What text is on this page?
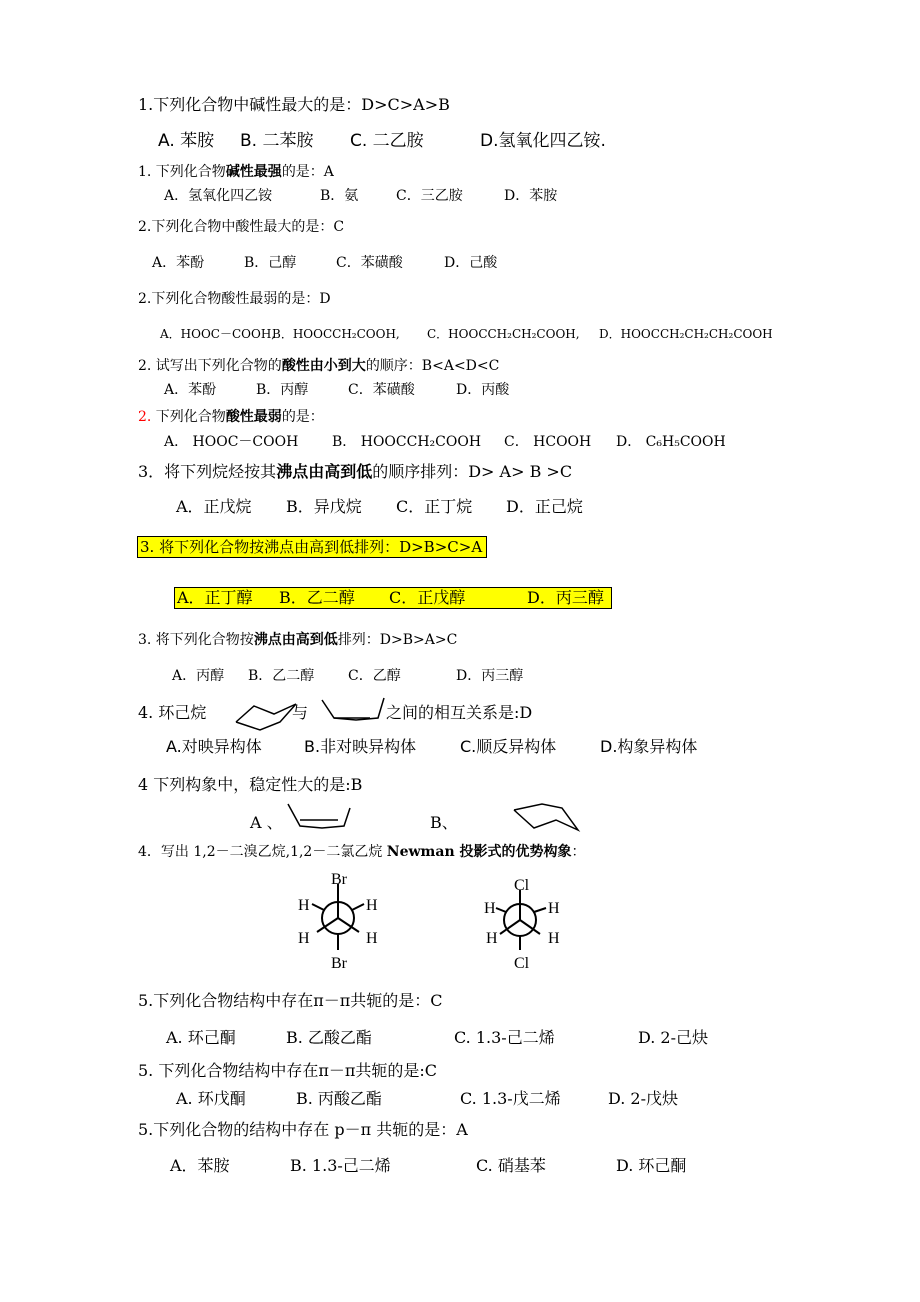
1.下列化合物中碱性最大的是：D>C>A>B
A. 苯胺 B. 二苯胺 C. 二乙胺	D.氢氧化四乙铵.
1. 下列化合物碱性最强的是：A
A．氢氧化四乙铵	B．氨	C．三乙胺	D．苯胺
2.下列化合物中酸性最大的是：C
A．苯酚	B．己醇	C．苯磺酸	D．己酸
2.下列化合物酸性最弱的是：D
A．HOOC－COOH,B．HOOCCH₂COOH, C．HOOCCH₂CH₂COOH, D．HOOCCH₂CH₂CH₂COOH
2. 试写出下列化合物的酸性由小到大的顺序：B<A<D<C
A．苯酚	B．丙醇	C．苯磺酸	D．丙酸
2. 下列化合物酸性最弱的是：
A． HOOC－COOH B． HOOCCH₂COOH C． HCOOH D． C₆H₅COOH
3．将下列烷烃按其沸点由高到低的顺序排列：D> A> B >C
A．正戊烷 B．异戊烷 C．正丁烷 D．正己烷
3. 将下列化合物按沸点由高到低排列：D>B>C>A
A．正丁醇 B．乙二醇 C．正戊醇	D．丙三醇
3. 将下列化合物按沸点由高到低排列：D>B>A>C
A．丙醇 B．乙二醇 C．乙醇	D．丙三醇
4. 环己烷	与	之间的相互关系是:D
A.对映异构体	B.非对映异构体	C.顺反异构体	D.构象异构体
4 下列构象中，稳定性大的是:B
A 、	B、
4．写出 1,2－二溴乙烷,1,2－二氯乙烷 Newman 投影式的优势构象：
Br
H	H
H	H
Br
Cl
H	H
H	H
Cl
5.下列化合物结构中存在π－π共轭的是：C
A. 环己酮	B. 乙酸乙酯	C. 1.3-己二烯	D. 2-己炔
5. 下列化合物结构中存在π－π共轭的是:C
A. 环戊酮	B. 丙酸乙酯	C. 1.3-戊二烯	D. 2-戊炔
5.下列化合物的结构中存在 p－π 共轭的是：A
A．苯胺	B. 1.3-己二烯	C. 硝基苯	D. 环己酮
